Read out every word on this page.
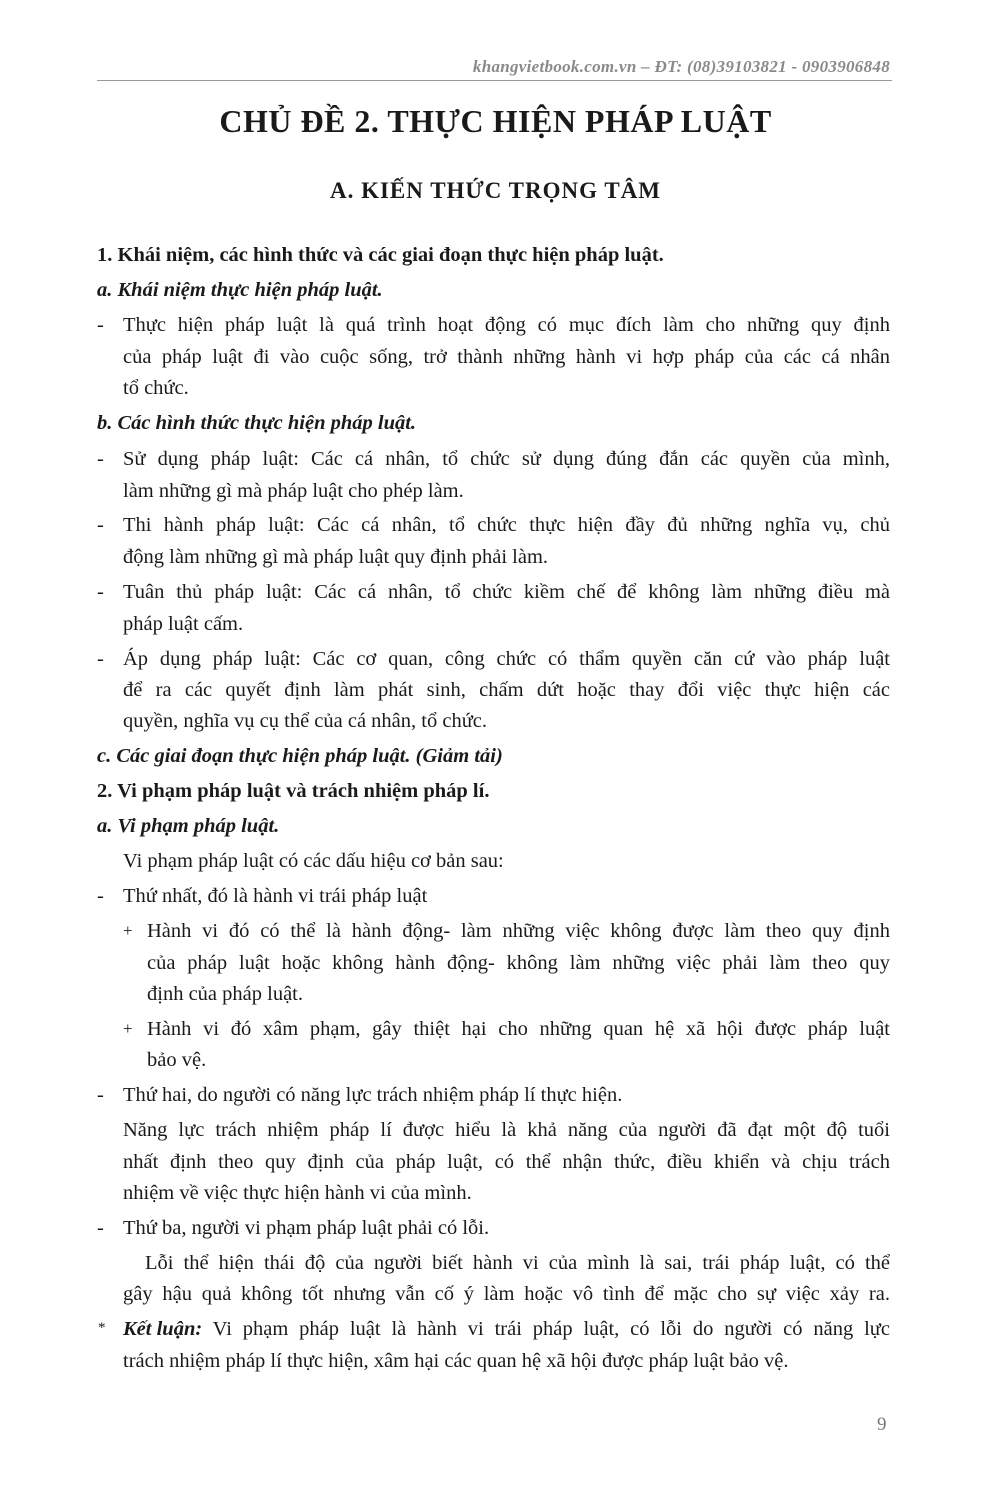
khangvietbook.com.vn – ĐT: (08)39103821 - 0903906848
CHỦ ĐỀ 2. THỰC HIỆN PHÁP LUẬT
A. KIẾN THỨC TRỌNG TÂM
1. Khái niệm, các hình thức và các giai đoạn thực hiện pháp luật.
a. Khái niệm thực hiện pháp luật.
- Thực hiện pháp luật là quá trình hoạt động có mục đích làm cho những quy định
của pháp luật đi vào cuộc sống, trở thành những hành vi hợp pháp của các cá nhân
tổ chức.
b. Các hình thức thực hiện pháp luật.
- Sử dụng pháp luật: Các cá nhân, tổ chức sử dụng đúng đắn các quyền của mình,
làm những gì mà pháp luật cho phép làm.
- Thi hành pháp luật: Các cá nhân, tổ chức thực hiện đầy đủ những nghĩa vụ, chủ
động làm những gì mà pháp luật quy định phải làm.
- Tuân thủ pháp luật: Các cá nhân, tổ chức kiềm chế để không làm những điều mà
pháp luật cấm.
- Áp dụng pháp luật: Các cơ quan, công chức có thẩm quyền căn cứ vào pháp luật
để ra các quyết định làm phát sinh, chấm dứt hoặc thay đổi việc thực hiện các
quyền, nghĩa vụ cụ thể của cá nhân, tổ chức.
c. Các giai đoạn thực hiện pháp luật. (Giảm tải)
2. Vi phạm pháp luật và trách nhiệm pháp lí.
a. Vi phạm pháp luật.
Vi phạm pháp luật có các dấu hiệu cơ bản sau:
- Thứ nhất, đó là hành vi trái pháp luật
+ Hành vi đó có thể là hành động- làm những việc không được làm theo quy định
của pháp luật hoặc không hành động- không làm những việc phải làm theo quy
định của pháp luật.
+ Hành vi đó xâm phạm, gây thiệt hại cho những quan hệ xã hội được pháp luật
bảo vệ.
- Thứ hai, do người có năng lực trách nhiệm pháp lí thực hiện.
Năng lực trách nhiệm pháp lí được hiểu là khả năng của người đã đạt một độ tuổi
nhất định theo quy định của pháp luật, có thể nhận thức, điều khiển và chịu trách
nhiệm về việc thực hiện hành vi của mình.
- Thứ ba, người vi phạm pháp luật phải có lỗi.
Lỗi thể hiện thái độ của người biết hành vi của mình là sai, trái pháp luật, có thể
gây hậu quả không tốt nhưng vẫn cố ý làm hoặc vô tình để mặc cho sự việc xảy ra.
* Kết luận: Vi phạm pháp luật là hành vi trái pháp luật, có lỗi do người có năng lực
trách nhiệm pháp lí thực hiện, xâm hại các quan hệ xã hội được pháp luật bảo vệ.
9
